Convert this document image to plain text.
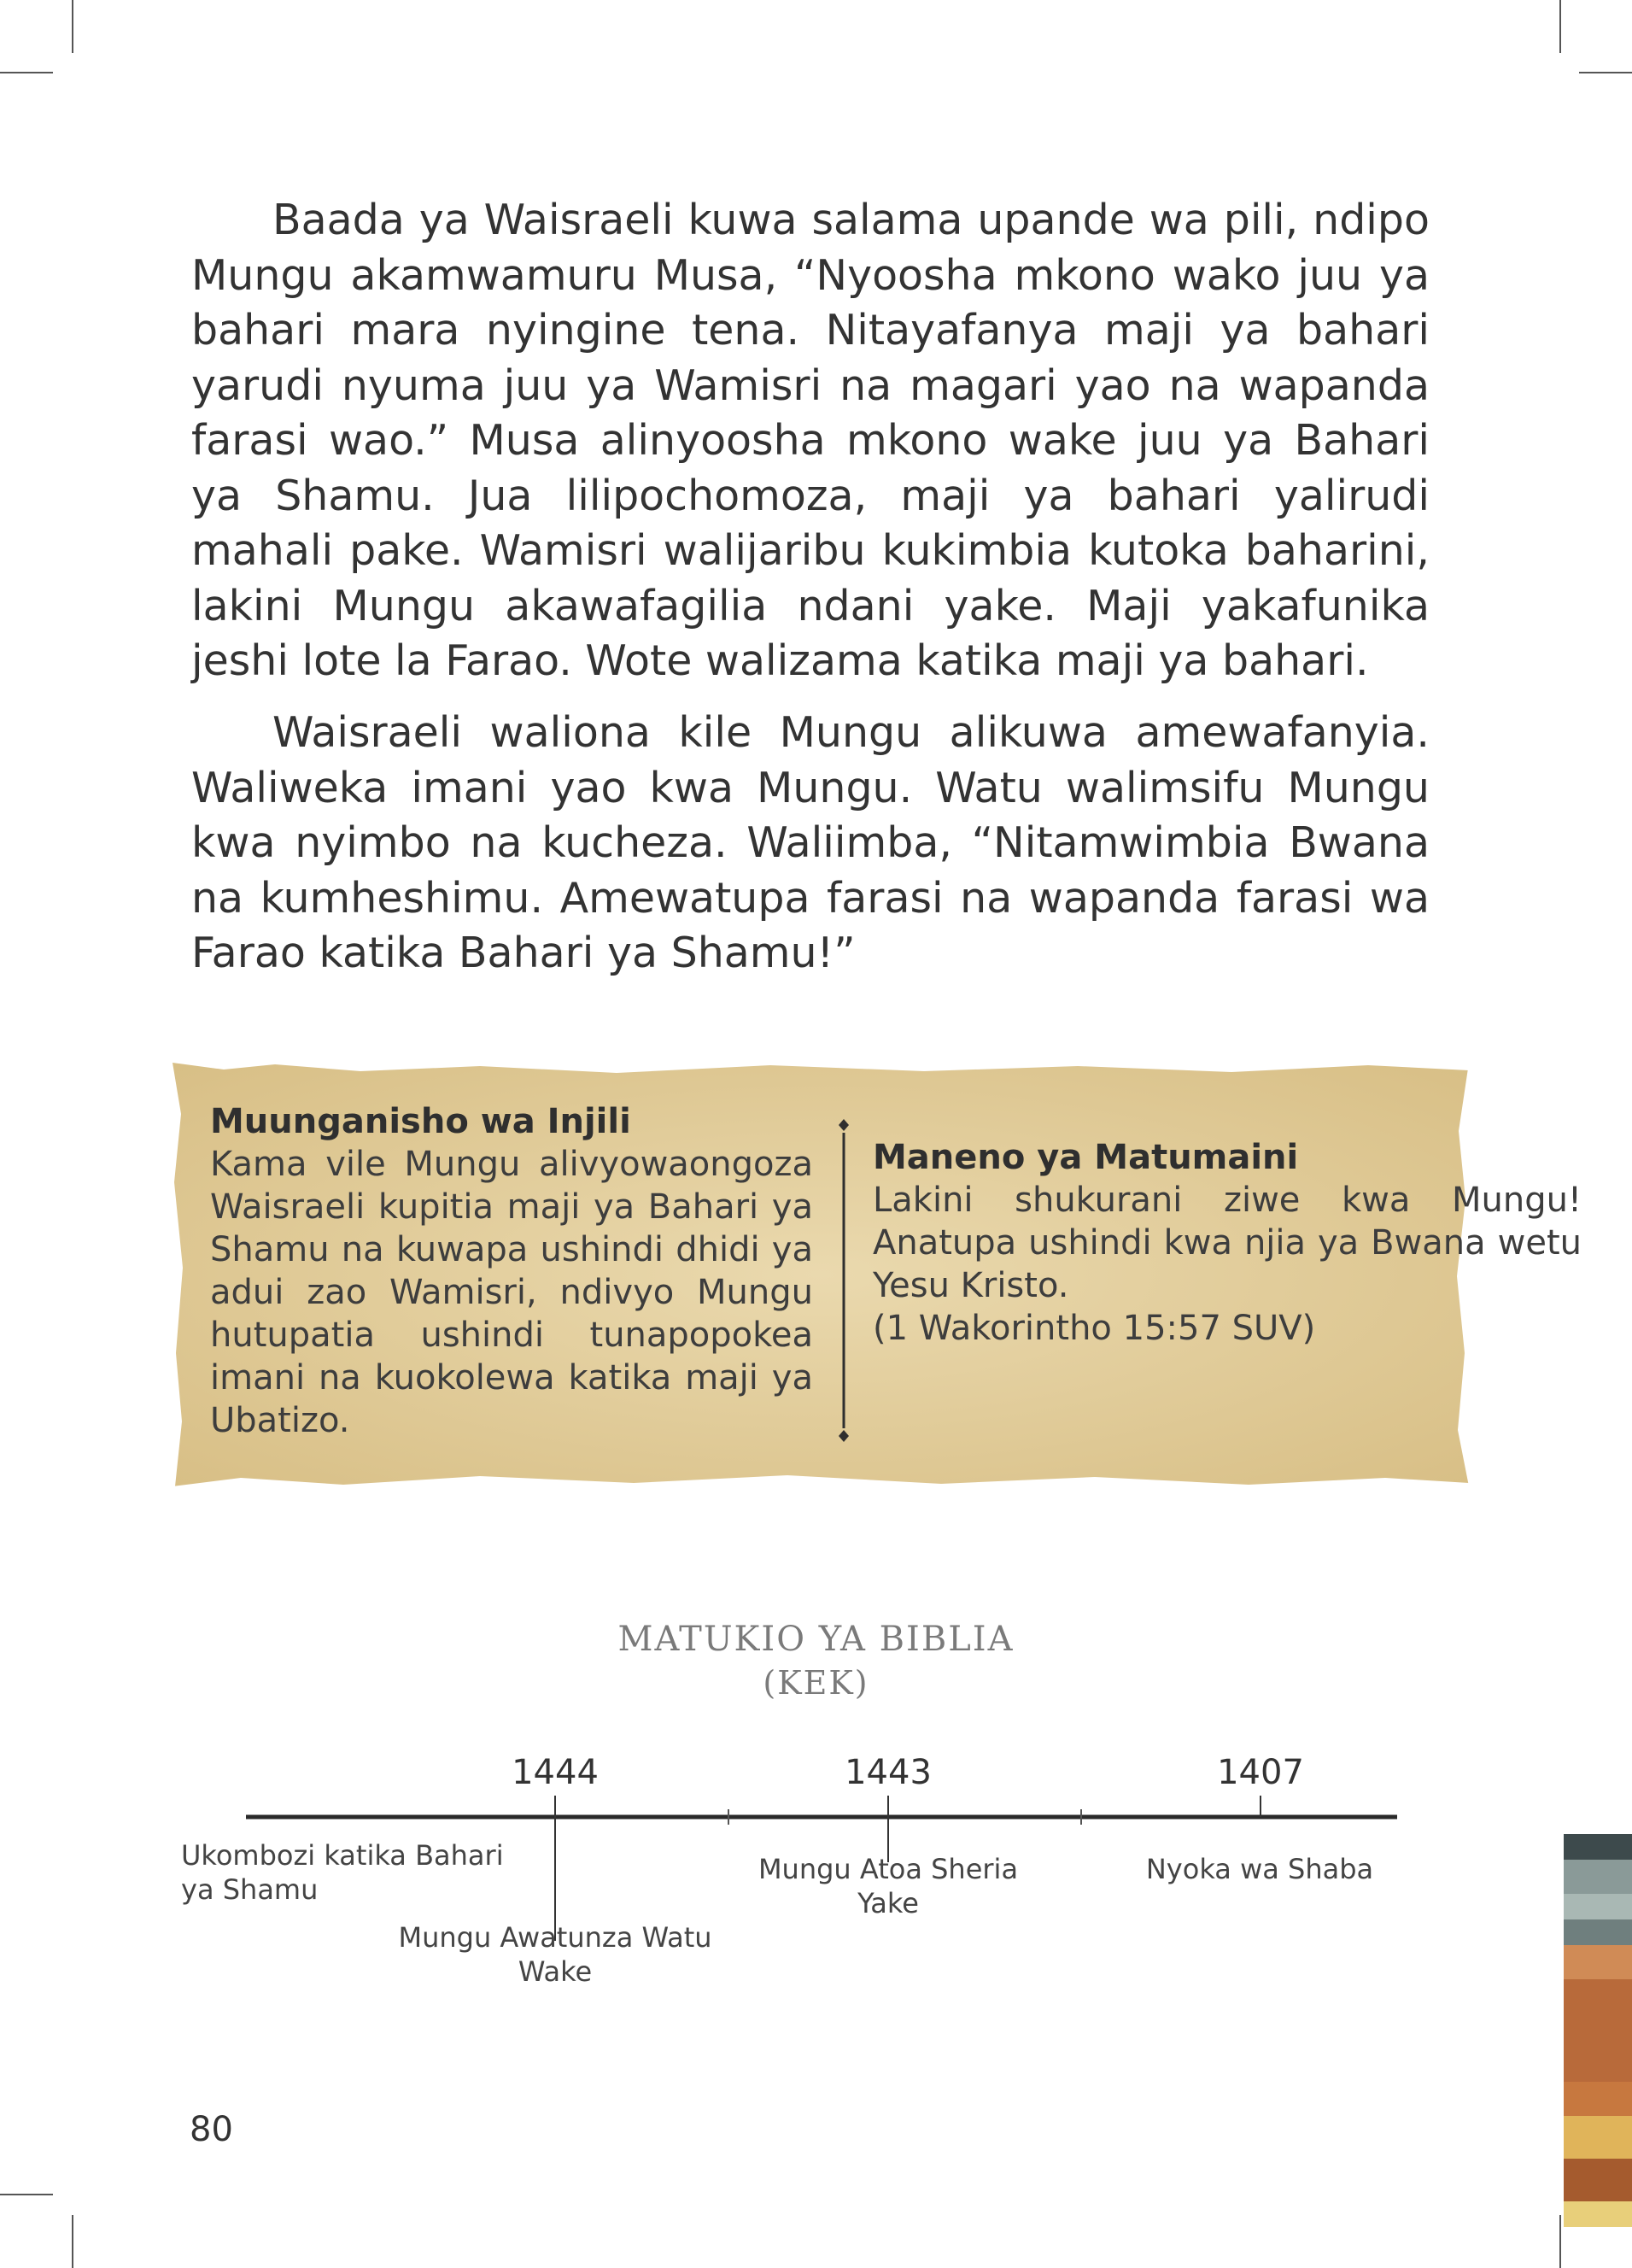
Baada ya Waisraeli kuwa salama upande wa pili, ndipo Mungu akamwamuru Musa, “Nyoosha mkono wako juu ya bahari mara nyingine tena. Nitayafanya maji ya bahari yarudi nyuma juu ya Wamisri na magari yao na wapanda farasi wao.” Musa alinyoosha mkono wake juu ya Bahari ya Shamu. Jua lilipochomoza, maji ya bahari yalirudi mahali pake. Wamisri walijaribu kukimbia kutoka baharini, lakini Mungu akawafagilia ndani yake. Maji yakafunika jeshi lote la Farao. Wote walizama katika maji ya bahari.

Waisraeli waliona kile Mungu alikuwa amewafanyia. Waliweka imani yao kwa Mungu. Watu walimsifu Mungu kwa nyimbo na kucheza. Waliimba, “Nitamwimbia Bwana na kumheshimu. Amewatupa farasi na wapanda farasi wa Farao katika Bahari ya Shamu!”

Muunganisho wa Injili
Kama vile Mungu alivyowaongoza Waisraeli kupitia maji ya Bahari ya Shamu na kuwapa ushindi dhidi ya adui zao Wamisri, ndivyo Mungu hutupatia ushindi tunapopokea imani na kuokolewa katika maji ya Ubatizo.
Maneno ya Matumaini
Lakini shukurani ziwe kwa Mungu! Anatupa ushindi kwa njia ya Bwana wetu Yesu Kristo.
(1 Wakorintho 15:57 SUV)
MATUKIO YA BIBLIA
(KEK)
1444	1443	1407
Ukombozi katika Bahari ya Shamu
Mungu Awatunza Watu Wake
Mungu Atoa Sheria Yake
Nyoka wa Shaba
80
